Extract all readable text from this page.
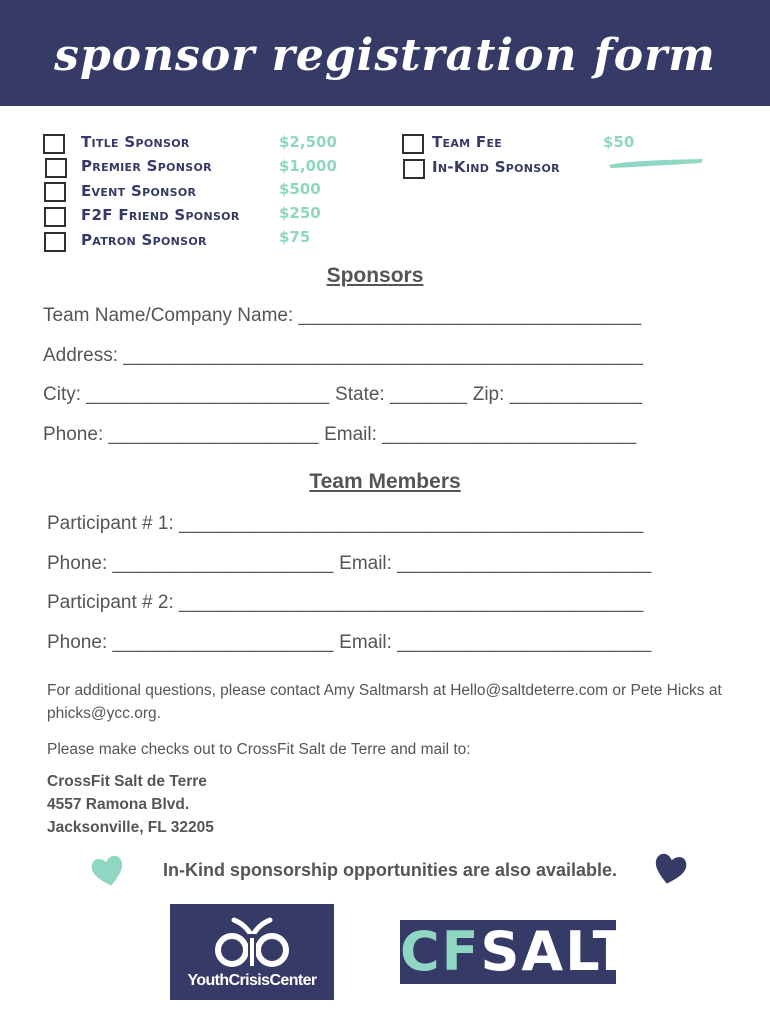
sponsor registration form
Title Sponsor	$2,500
Premier Sponsor	$1,000
Event Sponsor	$500
F2F Friend Sponsor	$250
Patron Sponsor	$75
Team Fee	$50
In-Kind Sponsor
Sponsors
Team Name/Company Name: _______________________________
Address: _______________________________________________
City: ______________________ State: _______ Zip: ____________
Phone: ___________________ Email: _______________________
Team Members
Participant # 1: __________________________________________
Phone: ____________________ Email: _______________________
Participant # 2: __________________________________________
Phone: ____________________ Email: _______________________
For additional questions, please contact Amy Saltmarsh at Hello@saltdeterre.com or Pete Hicks at phicks@ycc.org.
Please make checks out to CrossFit Salt de Terre and mail to:
CrossFit Salt de Terre
4557 Ramona Blvd.
Jacksonville, FL 32205
In-Kind sponsorship opportunities are also available.
YouthCrisisCenter	CFSALT
